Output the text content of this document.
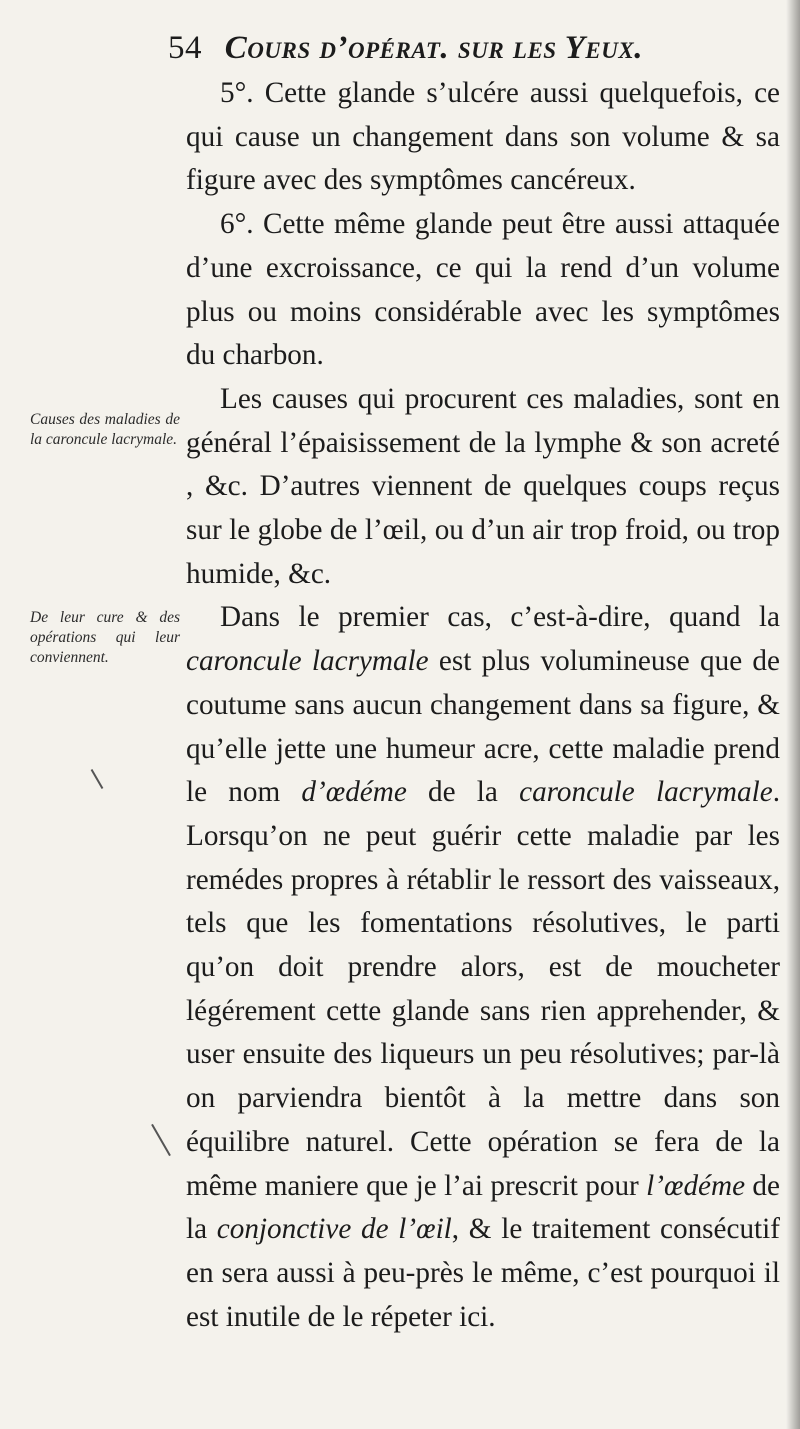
54 Cours d’opérat. sur les Yeux.
Causes des maladies de la caroncule lacrymale.
De leur cure & des opérations qui leur conviennent.

5°. Cette glande s’ulcére aussi quelquefois, ce qui cause un changement dans son volume & sa figure avec des symptômes cancéreux.

6°. Cette même glande peut être aussi attaquée d’une excroissance, ce qui la rend d’un volume plus ou moins considérable avec les symptômes du charbon.

Les causes qui procurent ces maladies, sont en général l’épaisissement de la lymphe & son acreté , &c. D’autres viennent de quelques coups reçus sur le globe de l’œil, ou d’un air trop froid, ou trop humide, &c.

Dans le premier cas, c’est-à-dire, quand la caroncule lacrymale est plus volumineuse que de coutume sans aucun changement dans sa figure, & qu’elle jette une humeur acre, cette maladie prend le nom d’œdéme de la caroncule lacrymale. Lorsqu’on ne peut guérir cette maladie par les remédes propres à rétablir le ressort des vaisseaux, tels que les fomentations résolutives, le parti qu’on doit prendre alors, est de moucheter légérement cette glande sans rien apprehender, & user ensuite des liqueurs un peu résolutives; par-là on parviendra bientôt à la mettre dans son équilibre naturel. Cette opération se fera de la même maniere que je l’ai prescrit pour l’œdéme de la conjonctive de l’œil, & le traitement consécutif en sera aussi à peu-près le même, c’est pourquoi il est inutile de le répeter ici.
